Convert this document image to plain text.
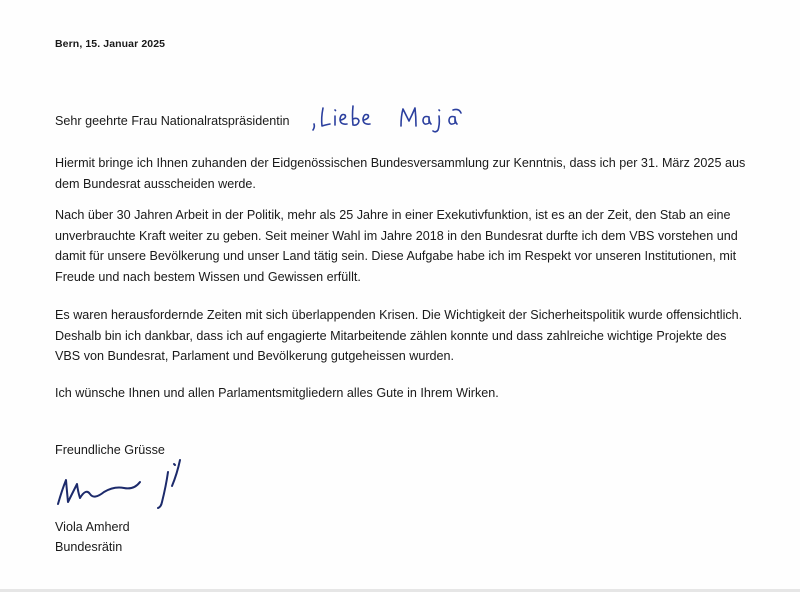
Bern, 15. Januar 2025
Sehr geehrte Frau Nationalratspräsidentin

Hiermit bringe ich Ihnen zuhanden der Eidgenössischen Bundesversammlung zur Kenntnis, dass ich per 31. März 2025 aus dem Bundesrat ausscheiden werde.

Nach über 30 Jahren Arbeit in der Politik, mehr als 25 Jahre in einer Exekutivfunktion, ist es an der Zeit, den Stab an eine unverbrauchte Kraft weiter zu geben. Seit meiner Wahl im Jahre 2018 in den Bundesrat durfte ich dem VBS vorstehen und damit für unsere Bevölkerung und unser Land tätig sein. Diese Aufgabe habe ich im Respekt vor unseren Institutionen, mit Freude und nach bestem Wissen und Gewissen erfüllt.

Es waren herausfordernde Zeiten mit sich überlappenden Krisen. Die Wichtigkeit der Sicherheitspolitik wurde offensichtlich. Deshalb bin ich dankbar, dass ich auf engagierte Mitarbeitende zählen konnte und dass zahlreiche wichtige Projekte des VBS von Bundesrat, Parlament und Bevölkerung gutgeheissen wurden.

Ich wünsche Ihnen und allen Parlamentsmitgliedern alles Gute in Ihrem Wirken.

Freundliche Grüsse
Viola Amherd
Bundesrätin
